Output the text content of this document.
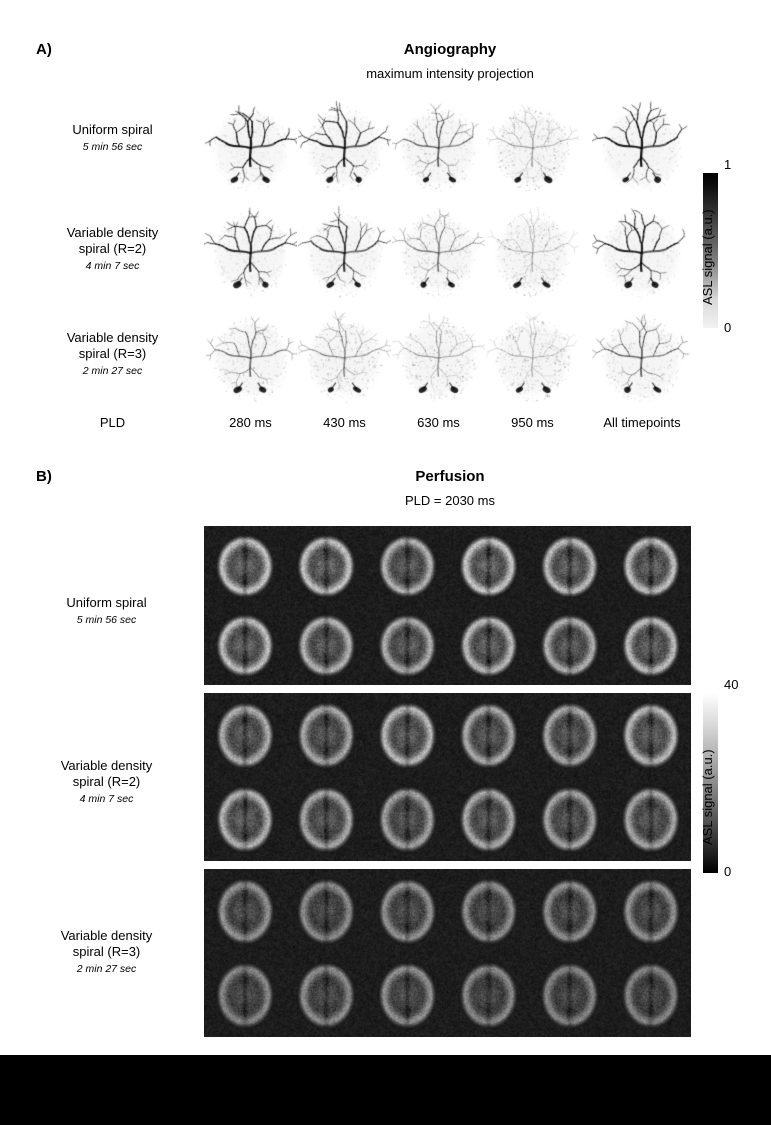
A)	Angiography
maximum intensity projection
Uniform spiral
5 min 56 sec
Variable density
spiral (R=2)
4 min 7 sec
Variable density
spiral (R=3)
2 min 27 sec
PLD	280 ms	430 ms	630 ms	950 ms	All timepoints
1
0
ASL signal (a.u.)
B)	Perfusion
PLD = 2030 ms
Uniform spiral
5 min 56 sec
Variable density
spiral (R=2)
4 min 7 sec
Variable density
spiral (R=3)
2 min 27 sec
40
0
ASL signal (a.u.)
